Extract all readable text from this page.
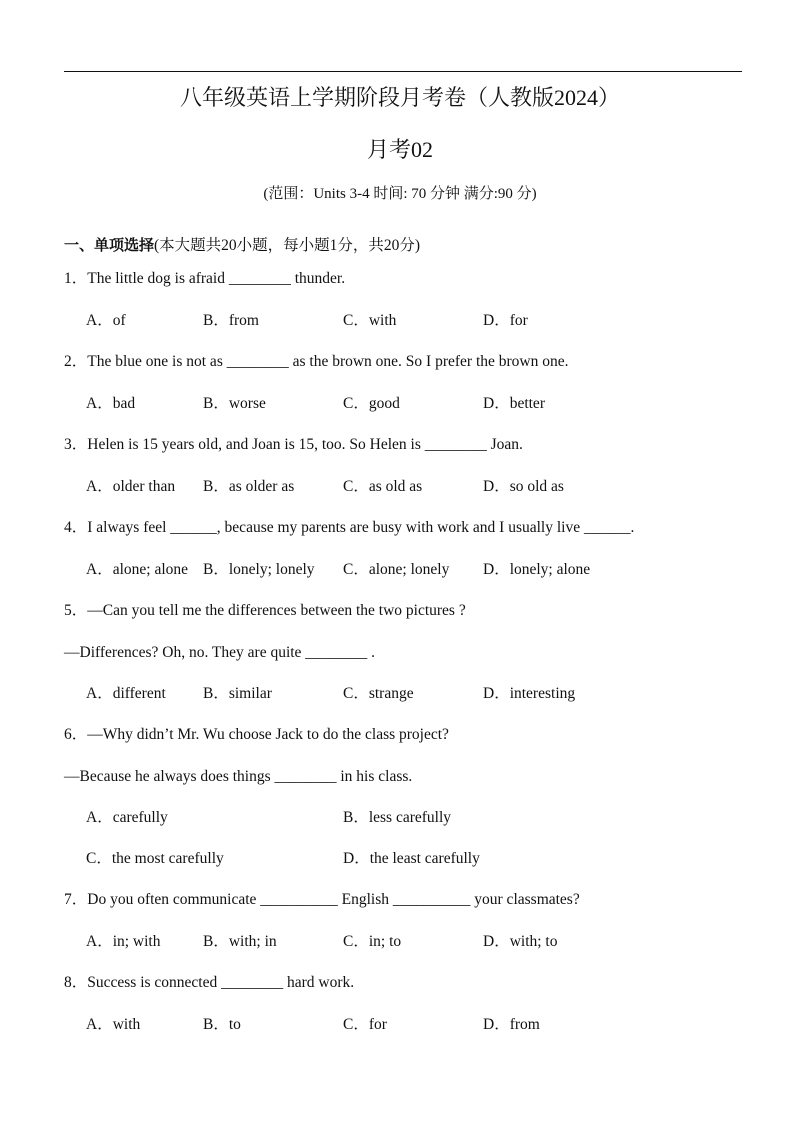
八年级英语上学期阶段月考卷（人教版2024）
月考02
(范围：Units 3-4 时间: 70 分钟 满分:90 分)
一、单项选择(本大题共20小题，每小题1分，共20分)
1．The little dog is afraid ________ thunder.
A．of	B．from	C．with	D．for
2．The blue one is not as ________ as the brown one. So I prefer the brown one.
A．bad	B．worse	C．good	D．better
3．Helen is 15 years old, and Joan is 15, too. So Helen is ________ Joan.
A．older than B．as older as	C．as old as	D．so old as
4．I always feel ______, because my parents are busy with work and I usually live ______.
A．alone; alone B．lonely; lonely C．alone; lonely D．lonely; alone
5．—Can you tell me the differences between the two pictures ?
—Differences? Oh, no. They are quite ________ .
A．different B．similar	C．strange	D．interesting
6．—Why didn’t Mr. Wu choose Jack to do the class project?
—Because he always does things ________ in his class.
A．carefully	B．less carefully
C．the most carefully	D．the least carefully
7．Do you often communicate __________ English __________ your classmates?
A．in; with	B．with; in	C．in; to	D．with; to
8．Success is connected ________ hard work.
A．with	B．to	C．for	D．from
